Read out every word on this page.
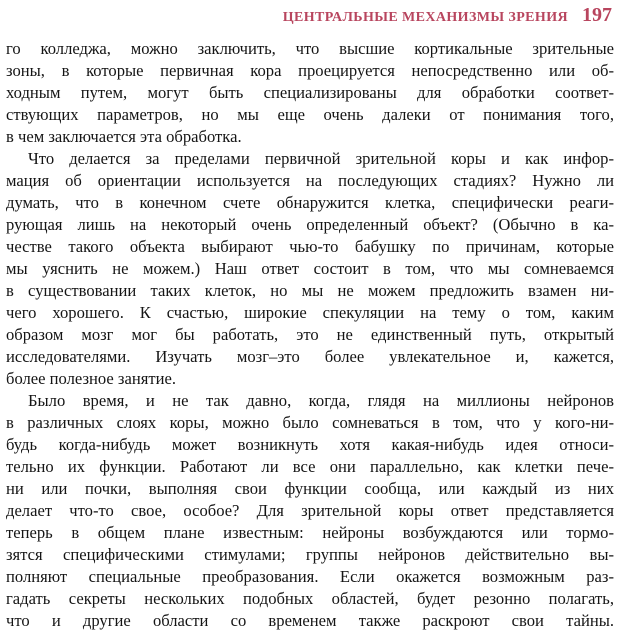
ЦЕНТРАЛЬНЫЕ МЕХАНИЗМЫ ЗРЕНИЯ 197
го колледжа, можно заключить, что высшие кортикальные зрительные
зоны, в которые первичная кора проецируется непосредственно или об-
ходным путем, могут быть специализированы для обработки соответ-
ствующих параметров, но мы еще очень далеки от понимания того,
в чем заключается эта обработка.
Что делается за пределами первичной зрительной коры и как инфор-
мация об ориентации используется на последующих стадиях? Нужно ли
думать, что в конечном счете обнаружится клетка, специфически реаги-
рующая лишь на некоторый очень определенный объект? (Обычно в ка-
честве такого объекта выбирают чью-то бабушку по причинам, которые
мы уяснить не можем.) Наш ответ состоит в том, что мы сомневаемся
в существовании таких клеток, но мы не можем предложить взамен ни-
чего хорошего. К счастью, широкие спекуляции на тему о том, каким
образом мозг мог бы работать, это не единственный путь, открытый
исследователями. Изучать мозг–это более увлекательное и, кажется,
более полезное занятие.
Было время, и не так давно, когда, глядя на миллионы нейронов
в различных слоях коры, можно было сомневаться в том, что у кого-ни-
будь когда-нибудь может возникнуть хотя какая-нибудь идея относи-
тельно их функции. Работают ли все они параллельно, как клетки пече-
ни или почки, выполняя свои функции сообща, или каждый из них
делает что-то свое, особое? Для зрительной коры ответ представляется
теперь в общем плане известным: нейроны возбуждаются или тормо-
зятся специфическими стимулами; группы нейронов действительно вы-
полняют специальные преобразования. Если окажется возможным раз-
гадать секреты нескольких подобных областей, будет резонно полагать,
что и другие области со временем также раскроют свои тайны.
